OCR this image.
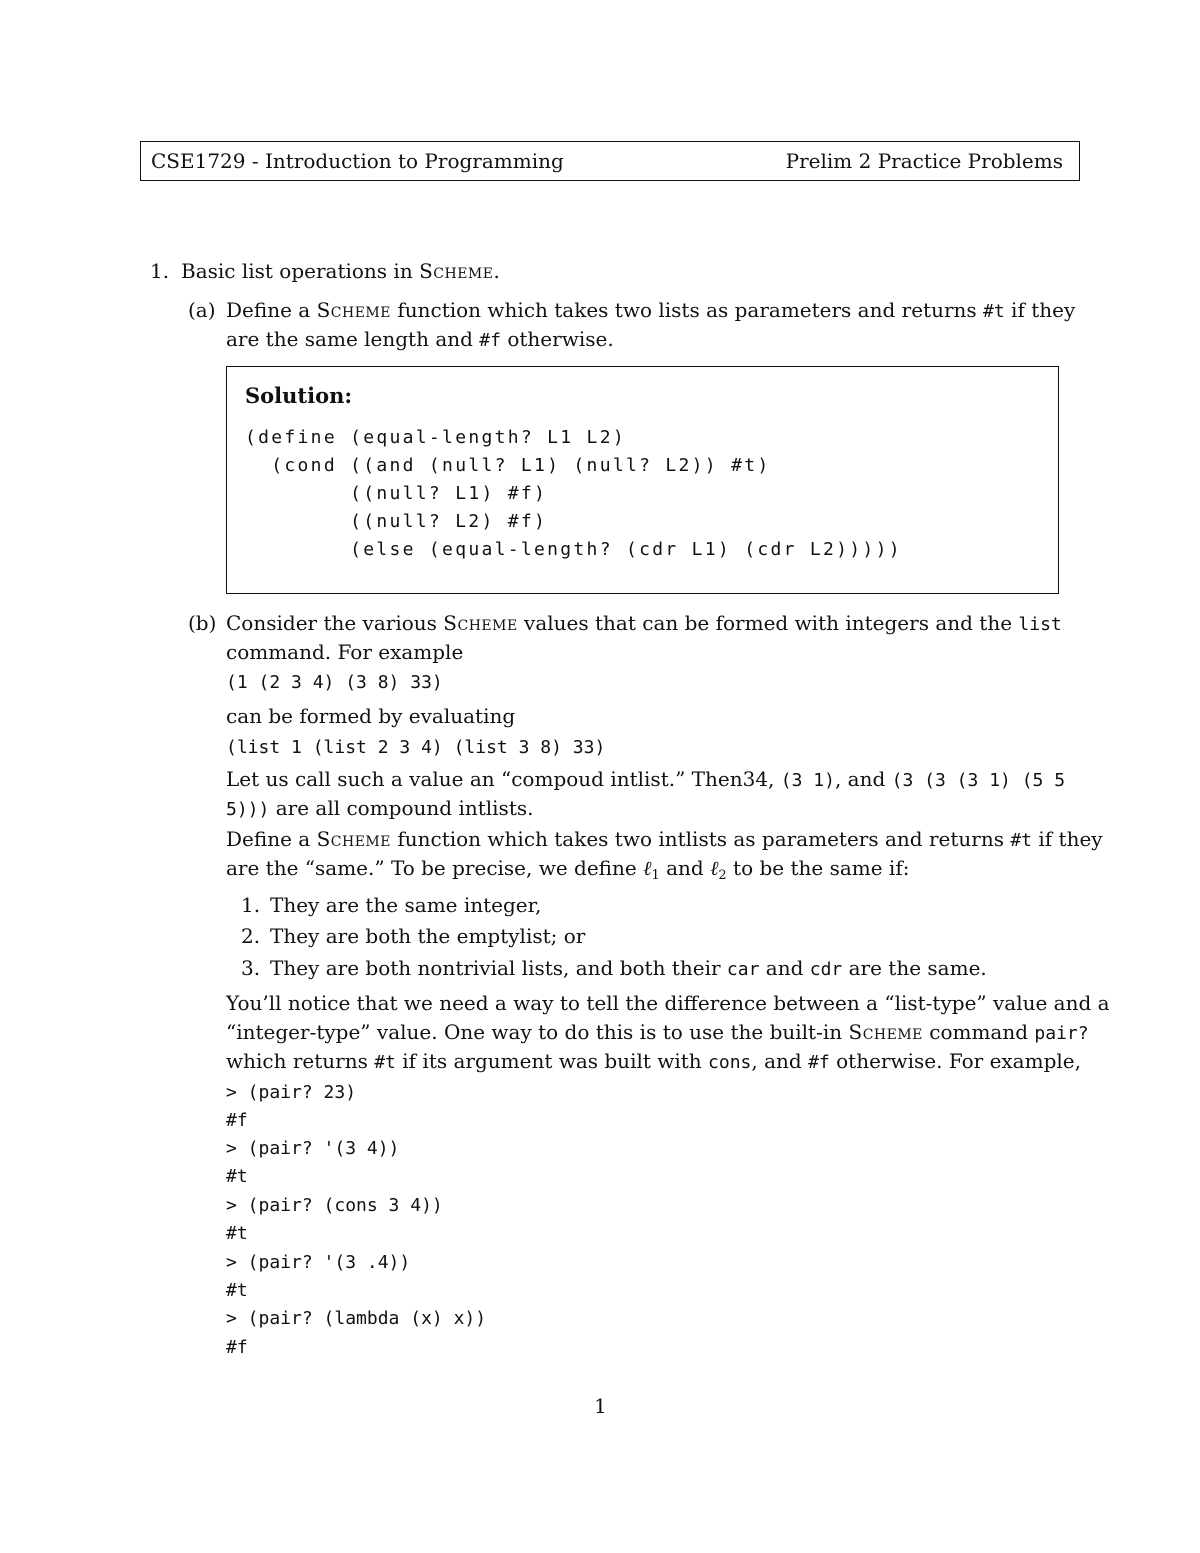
CSE1729 - Introduction to Programming	Prelim 2 Practice Problems
1. Basic list operations in Scheme.
(a) Define a Scheme function which takes two lists as parameters and returns #t if they
are the same length and #f otherwise.
Solution:
(define (equal-length? L1 L2)
(cond ((and (null? L1) (null? L2)) #t)
((null? L1) #f)
((null? L2) #f)
(else (equal-length? (cdr L1) (cdr L2)))))
(b) Consider the various Scheme values that can be formed with integers and the list
command. For example
(1 (2 3 4) (3 8) 33)
can be formed by evaluating
(list 1 (list 2 3 4) (list 3 8) 33)
Let us call such a value an “compoud intlist.” Then34, (3 1), and (3 (3 (3 1) (5 5
5))) are all compound intlists.
Define a Scheme function which takes two intlists as parameters and returns #t if they
are the “same.” To be precise, we define ℓ$_1$ and ℓ$_2$ to be the same if:
1. They are the same integer,
2. They are both the emptylist; or
3. They are both nontrivial lists, and both their car and cdr are the same.
You’ll notice that we need a way to tell the difference between a “list-type” value and a
“integer-type” value. One way to do this is to use the built-in Scheme command pair?
which returns #t if its argument was built with cons, and #f otherwise. For example,
> (pair? 23)
#f
> (pair? '(3 4))
#t
> (pair? (cons 3 4))
#t
> (pair? '(3 .4))
#t
> (pair? (lambda (x) x))
#f
1
